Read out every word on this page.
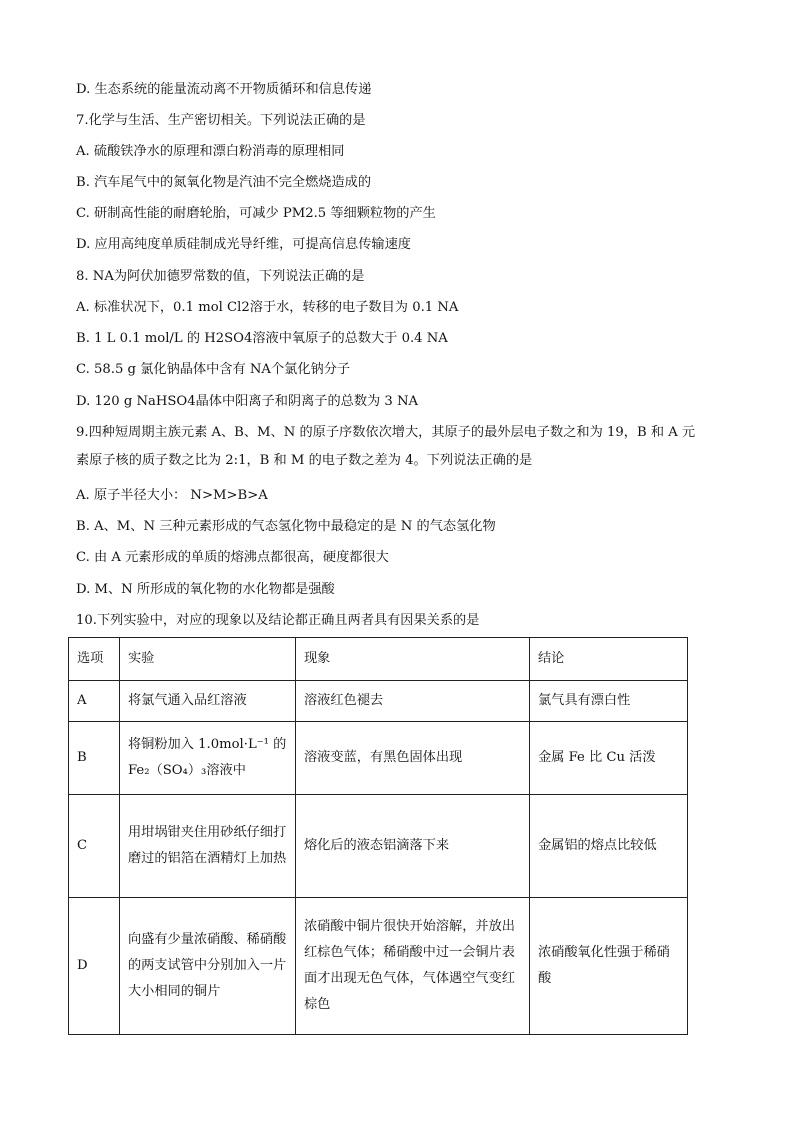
D. 生态系统的能量流动离不开物质循环和信息传递
7.化学与生活、生产密切相关。下列说法正确的是
A. 硫酸铁净水的原理和漂白粉消毒的原理相同
B. 汽车尾气中的氮氧化物是汽油不完全燃烧造成的
C. 研制高性能的耐磨轮胎，可减少 PM2.5 等细颗粒物的产生
D. 应用高纯度单质硅制成光导纤维，可提高信息传输速度
8. NA为阿伏加德罗常数的值，下列说法正确的是
A. 标准状况下，0.1 mol Cl2溶于水，转移的电子数目为 0.1 NA
B. 1 L 0.1 mol/L 的 H2SO4溶液中氧原子的总数大于 0.4 NA
C. 58.5 g 氯化钠晶体中含有 NA个氯化钠分子
D. 120 g NaHSO4晶体中阳离子和阴离子的总数为 3 NA
9.四种短周期主族元素 A、B、M、N 的原子序数依次增大，其原子的最外层电子数之和为 19，B 和 A 元
素原子核的质子数之比为 2:1，B 和 M 的电子数之差为 4。下列说法正确的是
A. 原子半径大小： N>M>B>A
B. A、M、N 三种元素形成的气态氢化物中最稳定的是 N 的气态氢化物
C. 由 A 元素形成的单质的熔沸点都很高，硬度都很大
D. M、N 所形成的氧化物的水化物都是强酸
10.下列实验中，对应的现象以及结论都正确且两者具有因果关系的是
选项	实验	现象	结论
A	将氯气通入品红溶液	溶液红色褪去	氯气具有漂白性
B	将铜粉加入 1.0mol·L⁻¹ 的 Fe₂（SO₄）₃溶液中	溶液变蓝，有黑色固体出现	金属 Fe 比 Cu 活泼
C	用坩埚钳夹住用砂纸仔细打磨过的铝箔在酒精灯上加热	熔化后的液态铝滴落下来	金属铝的熔点比较低
D	向盛有少量浓硝酸、稀硝酸的两支试管中分别加入一片大小相同的铜片	浓硝酸中铜片很快开始溶解，并放出红棕色气体；稀硝酸中过一会铜片表面才出现无色气体，气体遇空气变红棕色	浓硝酸氧化性强于稀硝酸
